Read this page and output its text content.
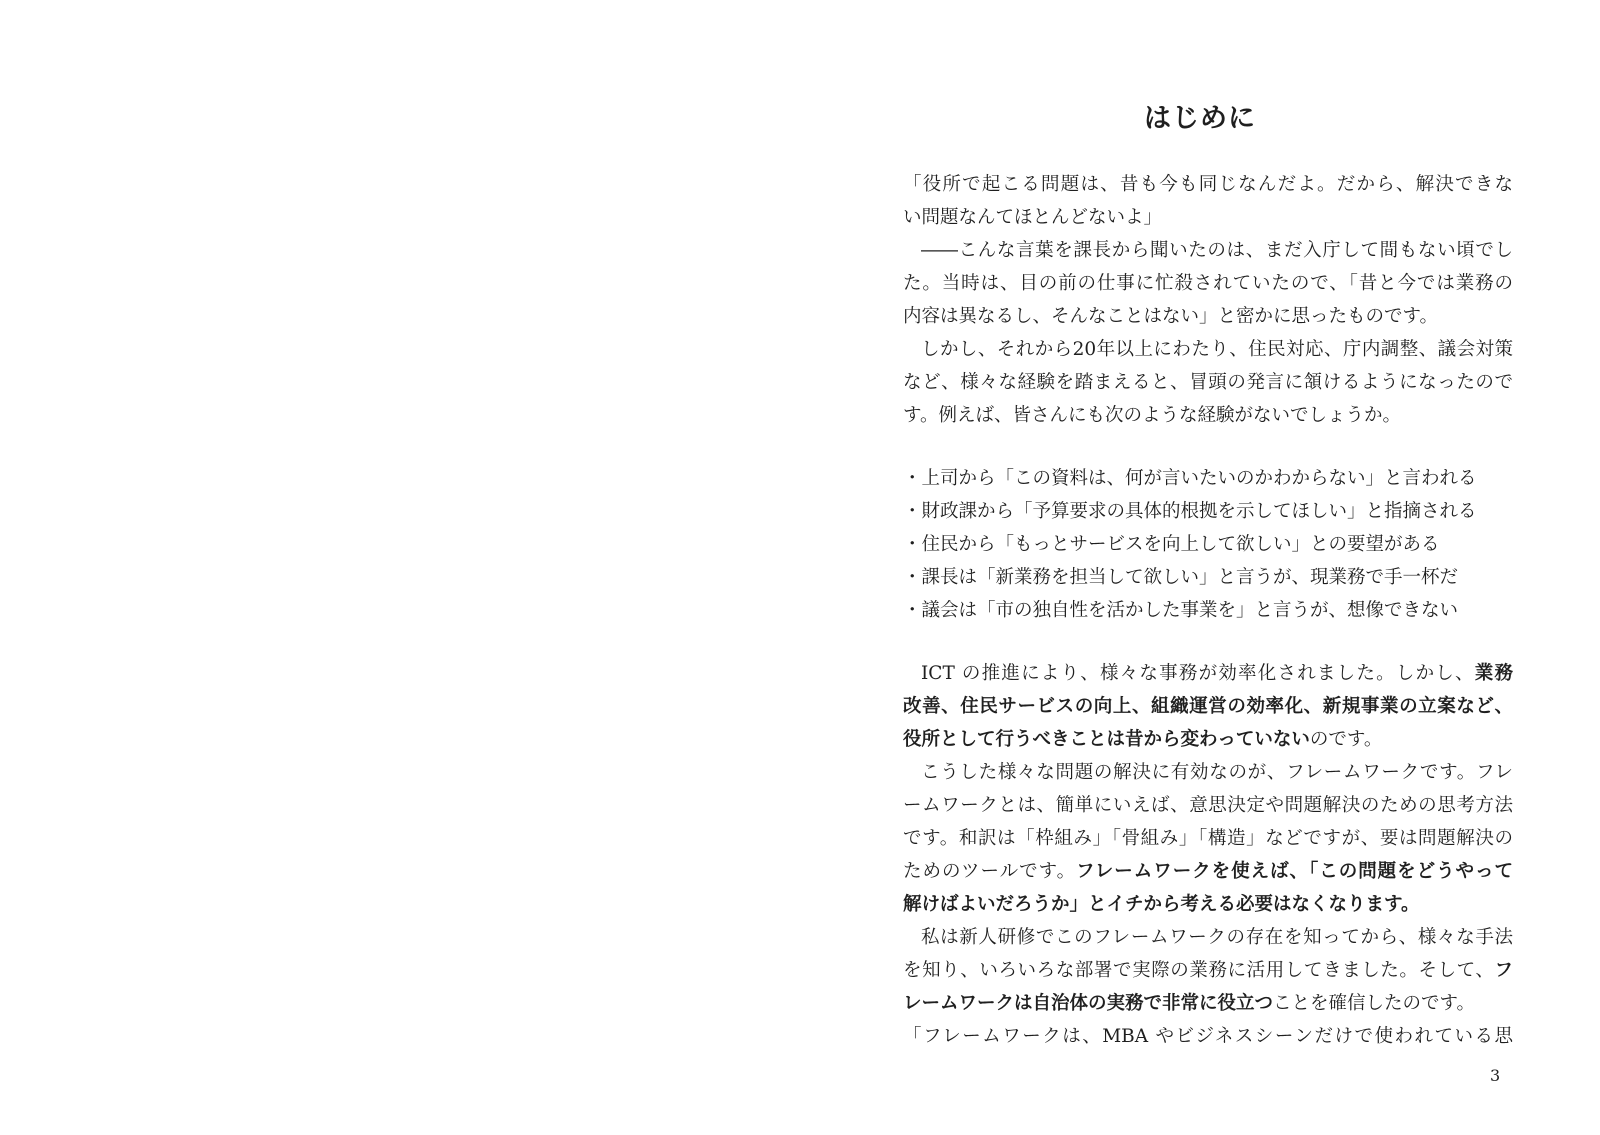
はじめに
「役所で起こる問題は、昔も今も同じなんだよ。だから、解決できな
い問題なんてほとんどないよ」
――こんな言葉を課長から聞いたのは、まだ入庁して間もない頃でし
た。当時は、目の前の仕事に忙殺されていたので、「昔と今では業務の
内容は異なるし、そんなことはない」と密かに思ったものです。
しかし、それから20年以上にわたり、住民対応、庁内調整、議会対策
など、様々な経験を踏まえると、冒頭の発言に頷けるようになったので
す。例えば、皆さんにも次のような経験がないでしょうか。
・上司から「この資料は、何が言いたいのかわからない」と言われる
・財政課から「予算要求の具体的根拠を示してほしい」と指摘される
・住民から「もっとサービスを向上して欲しい」との要望がある
・課長は「新業務を担当して欲しい」と言うが、現業務で手一杯だ
・議会は「市の独自性を活かした事業を」と言うが、想像できない
ICT の推進により、様々な事務が効率化されました。しかし、業務
改善、住民サービスの向上、組織運営の効率化、新規事業の立案など、
役所として行うべきことは昔から変わっていないのです。
こうした様々な問題の解決に有効なのが、フレームワークです。フレ
ームワークとは、簡単にいえば、意思決定や問題解決のための思考方法
です。和訳は「枠組み」「骨組み」「構造」などですが、要は問題解決の
ためのツールです。フレームワークを使えば、「この問題をどうやって
解けばよいだろうか」とイチから考える必要はなくなります。
私は新人研修でこのフレームワークの存在を知ってから、様々な手法
を知り、いろいろな部署で実際の業務に活用してきました。そして、フ
レームワークは自治体の実務で非常に役立つことを確信したのです。
「フレームワークは、MBA やビジネスシーンだけで使われている思
3
